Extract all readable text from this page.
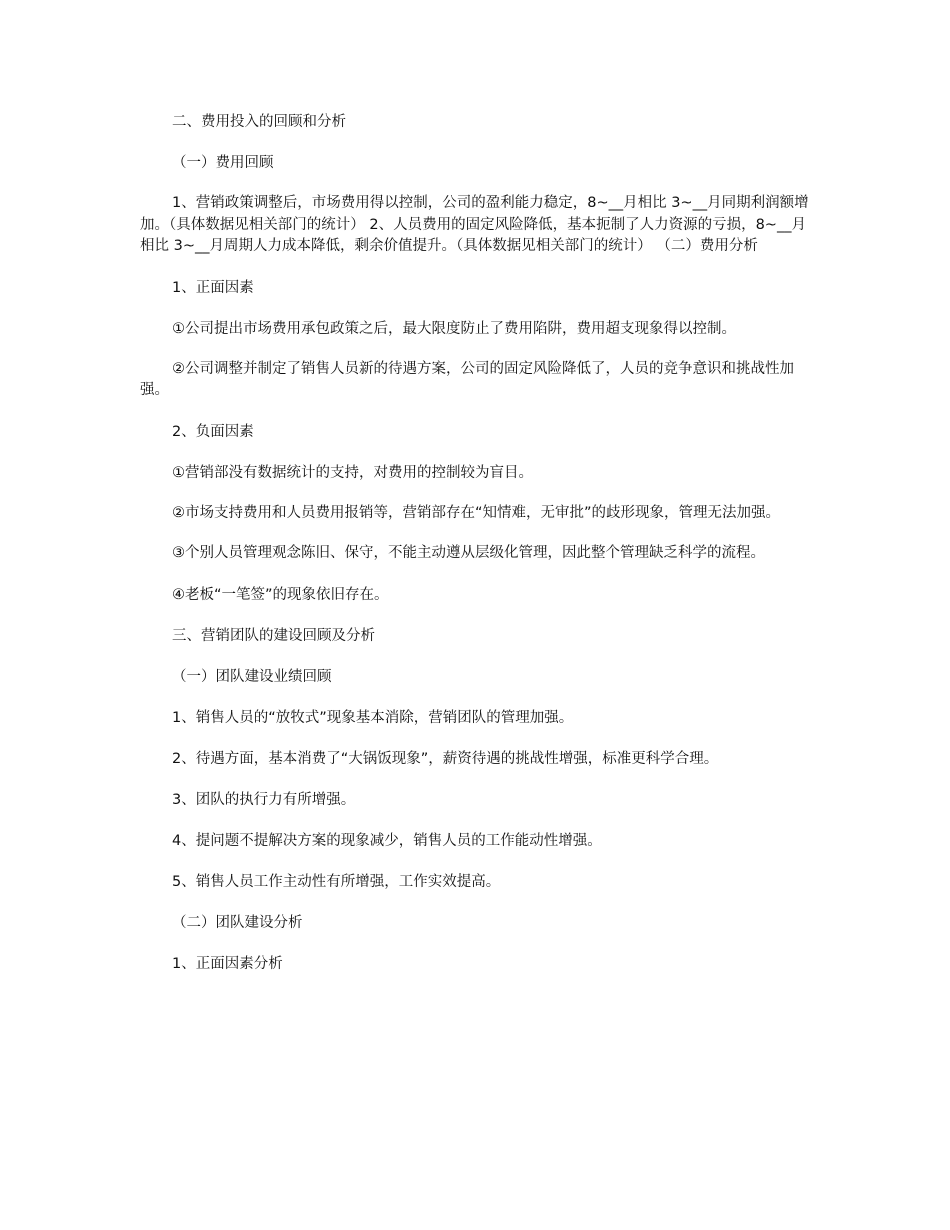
二、费用投入的回顾和分析

（一）费用回顾

1、营销政策调整后，市场费用得以控制，公司的盈利能力稳定，8~__月相比 3~__月同期利润额增加。（具体数据见相关部门的统计） 2、人员费用的固定风险降低，基本扼制了人力资源的亏损，8~__月相比 3~__月周期人力成本降低，剩余价值提升。（具体数据见相关部门的统计） （二）费用分析

1、正面因素

①公司提出市场费用承包政策之后，最大限度防止了费用陷阱，费用超支现象得以控制。

②公司调整并制定了销售人员新的待遇方案，公司的固定风险降低了，人员的竞争意识和挑战性加强。

2、负面因素

①营销部没有数据统计的支持，对费用的控制较为盲目。

②市场支持费用和人员费用报销等，营销部存在“知情难，无审批”的歧形现象，管理无法加强。

③个别人员管理观念陈旧、保守，不能主动遵从层级化管理，因此整个管理缺乏科学的流程。

④老板“一笔签”的现象依旧存在。

三、营销团队的建设回顾及分析

（一）团队建设业绩回顾

1、销售人员的“放牧式”现象基本消除，营销团队的管理加强。

2、待遇方面，基本消费了“大锅饭现象”，薪资待遇的挑战性增强，标准更科学合理。

3、团队的执行力有所增强。

4、提问题不提解决方案的现象减少，销售人员的工作能动性增强。

5、销售人员工作主动性有所增强，工作实效提高。

（二）团队建设分析

1、正面因素分析
